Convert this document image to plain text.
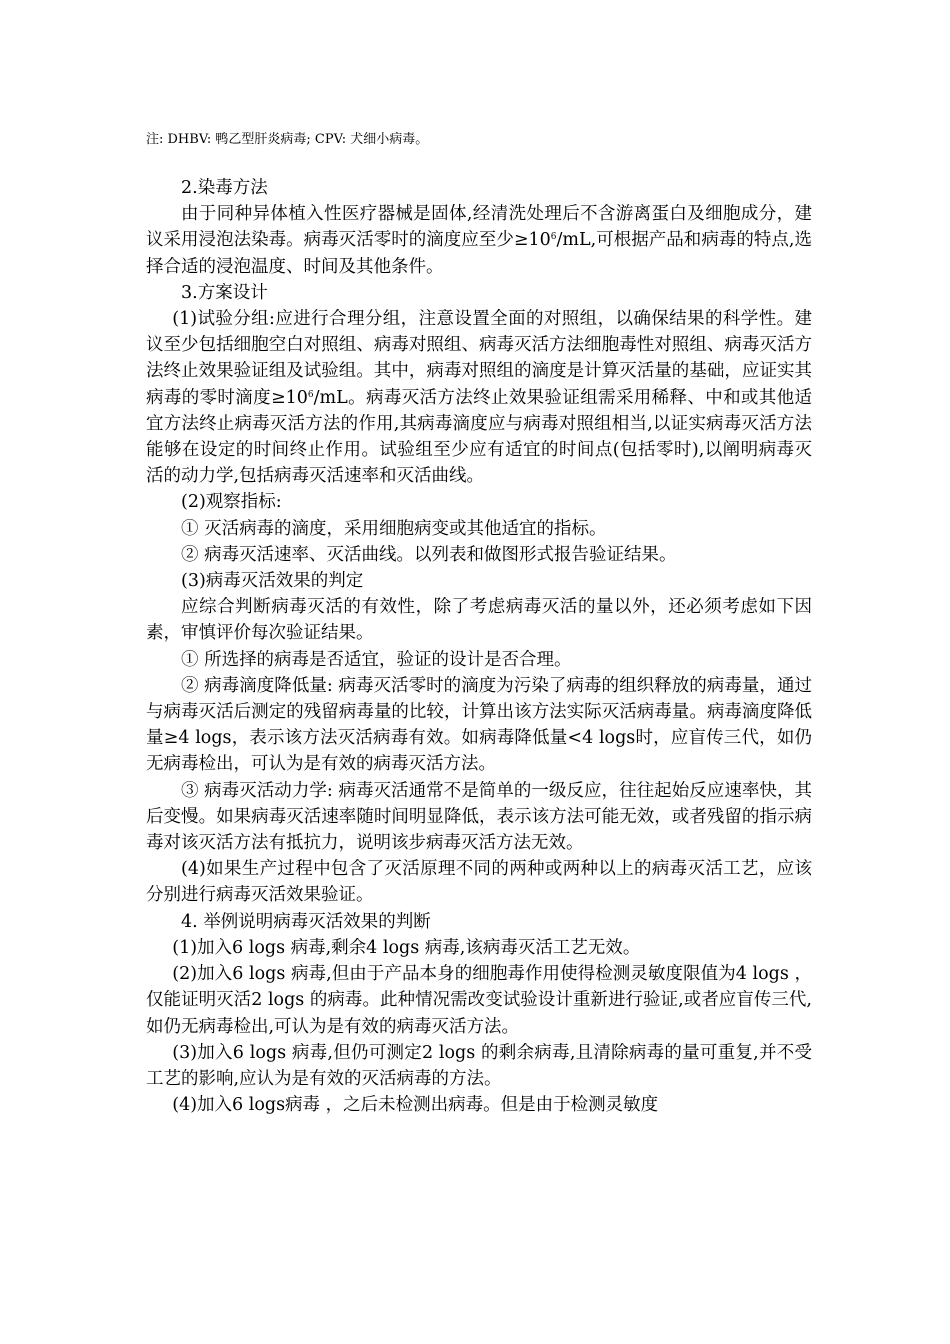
注: DHBV: 鸭乙型肝炎病毒; CPV: 犬细小病毒。

2.染毒方法

由于同种异体植入性医疗器械是固体,经清洗处理后不含游离蛋白及细胞成分，建议采用浸泡法染毒。病毒灭活零时的滴度应至少$\ge 10^6/mL$,可根据产品和病毒的特点,选择合适的浸泡温度、时间及其他条件。

3.方案设计

(1)试验分组:应进行合理分组，注意设置全面的对照组，以确保结果的科学性。建议至少包括细胞空白对照组、病毒对照组、病毒灭活方法细胞毒性对照组、病毒灭活方法终止效果验证组及试验组。其中，病毒对照组的滴度是计算灭活量的基础，应证实其病毒的零时滴度$\ge 10^6/mL$。病毒灭活方法终止效果验证组需采用稀释、中和或其他适宜方法终止病毒灭活方法的作用,其病毒滴度应与病毒对照组相当,以证实病毒灭活方法能够在设定的时间终止作用。试验组至少应有适宜的时间点(包括零时),以阐明病毒灭活的动力学,包括病毒灭活速率和灭活曲线。

(2)观察指标:

① 灭活病毒的滴度，采用细胞病变或其他适宜的指标。

② 病毒灭活速率、灭活曲线。以列表和做图形式报告验证结果。

(3)病毒灭活效果的判定

应综合判断病毒灭活的有效性，除了考虑病毒灭活的量以外，还必须考虑如下因素，审慎评价每次验证结果。

① 所选择的病毒是否适宜，验证的设计是否合理。

② 病毒滴度降低量: 病毒灭活零时的滴度为污染了病毒的组织释放的病毒量，通过与病毒灭活后测定的残留病毒量的比较，计算出该方法实际灭活病毒量。病毒滴度降低量≥4 logs，表示该方法灭活病毒有效。如病毒降低量<4 logs时，应盲传三代，如仍无病毒检出，可认为是有效的病毒灭活方法。

③ 病毒灭活动力学: 病毒灭活通常不是简单的一级反应，往往起始反应速率快，其后变慢。如果病毒灭活速率随时间明显降低，表示该方法可能无效，或者残留的指示病毒对该灭活方法有抵抗力，说明该步病毒灭活方法无效。

(4)如果生产过程中包含了灭活原理不同的两种或两种以上的病毒灭活工艺，应该分别进行病毒灭活效果验证。

4. 举例说明病毒灭活效果的判断

(1)加入6 logs 病毒,剩余4 logs 病毒,该病毒灭活工艺无效。

(2)加入6 logs 病毒,但由于产品本身的细胞毒作用使得检测灵敏度限值为4 logs ，仅能证明灭活2 logs 的病毒。此种情况需改变试验设计重新进行验证,或者应盲传三代,如仍无病毒检出,可认为是有效的病毒灭活方法。

(3)加入6 logs 病毒,但仍可测定2 logs 的剩余病毒,且清除病毒的量可重复,并不受工艺的影响,应认为是有效的灭活病毒的方法。

(4)加入6 logs病毒 ，之后未检测出病毒。但是由于检测灵敏度
